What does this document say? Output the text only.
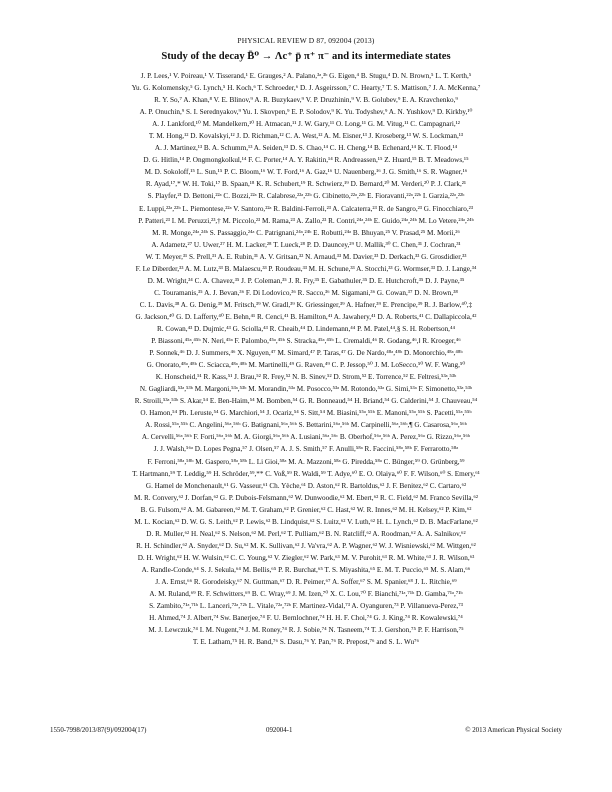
PHYSICAL REVIEW D 87, 092004 (2013)
Study of the decay B̄⁰ → Λc⁺ p̄ π⁺ π⁻ and its intermediate states
J. P. Lees,¹ V. Poireau,¹ V. Tisserand,¹ E. Grauges,² A. Palano,³ᵃ,³ᵇ G. Eigen,⁴ B. Stugu,⁴ D. N. Brown,⁵ L. T. Kerth,⁵
Yu. G. Kolomensky,⁵ G. Lynch,⁵ H. Koch,⁶ T. Schroeder,⁶ D. J. Asgeirsson,⁷ C. Hearty,⁷ T. S. Mattison,⁷ J. A. McKenna,⁷
R. Y. So,⁷ A. Khan,⁸ V. E. Blinov,⁹ A. R. Buzykaev,⁹ V. P. Druzhinin,⁹ V. B. Golubev,⁹ E. A. Kravchenko,⁹
A. P. Onuchin,⁹ S. I. Serednyakov,⁹ Yu. I. Skovpen,⁹ E. P. Solodov,⁹ K. Yu. Todyshev,⁹ A. N. Yushkov,⁹ D. Kirkby,¹⁰
A. J. Lankford,¹⁰ M. Mandelkern,¹⁰ H. Atmacan,¹¹ J. W. Gary,¹¹ O. Long,¹¹ G. M. Vitug,¹¹ C. Campagnari,¹²
T. M. Hong,¹² D. Kovalskyi,¹² J. D. Richman,¹² C. A. West,¹² A. M. Eisner,¹³ J. Kroseberg,¹³ W. S. Lockman,¹³
A. J. Martinez,¹³ B. A. Schumm,¹³ A. Seiden,¹³ D. S. Chao,¹⁴ C. H. Cheng,¹⁴ B. Echenard,¹⁴ K. T. Flood,¹⁴
D. G. Hitlin,¹⁴ P. Ongmongkolkul,¹⁴ F. C. Porter,¹⁴ A. Y. Rakitin,¹⁴ R. Andreassen,¹⁵ Z. Huard,¹⁵ B. T. Meadows,¹⁵
M. D. Sokoloff,¹⁵ L. Sun,¹⁵ P. C. Bloom,¹⁶ W. T. Ford,¹⁶ A. Gaz,¹⁶ U. Nauenberg,¹⁶ J. G. Smith,¹⁶ S. R. Wagner,¹⁶
R. Ayad,¹⁷,* W. H. Toki,¹⁷ B. Spaan,¹⁸ K. R. Schubert,¹⁹ R. Schwierz,¹⁹ D. Bernard,²⁰ M. Verderi,²⁰ P. J. Clark,²¹
S. Playfer,²¹ D. Bettoni,²²ᵃ C. Bozzi,²²ᵃ R. Calabrese,²²ᵃ,²²ᵇ G. Cibinetto,²²ᵃ,²²ᵇ E. Fioravanti,²²ᵃ,²²ᵇ I. Garzia,²²ᵃ,²²ᵇ
E. Luppi,²²ᵃ,²²ᵇ L. Piemontese,²²ᵃ V. Santoro,²²ᵃ R. Baldini-Ferroli,²³ A. Calcaterra,²³ R. de Sangro,²³ G. Finocchiaro,²³
P. Patteri,²³ I. M. Peruzzi,²³,† M. Piccolo,²³ M. Rama,²³ A. Zallo,²³ R. Contri,²⁴ᵃ,²⁴ᵇ E. Guido,²⁴ᵃ,²⁴ᵇ M. Lo Vetere,²⁴ᵃ,²⁴ᵇ
M. R. Monge,²⁴ᵃ,²⁴ᵇ S. Passaggio,²⁴ᵃ C. Patrignani,²⁴ᵃ,²⁴ᵇ E. Robutti,²⁴ᵃ B. Bhuyan,²⁵ V. Prasad,²⁵ M. Morii,²⁶
A. Adametz,²⁷ U. Uwer,²⁷ H. M. Lacker,²⁸ T. Lueck,²⁸ P. D. Dauncey,²⁹ U. Mallik,³⁰ C. Chen,³¹ J. Cochran,³¹
W. T. Meyer,³¹ S. Prell,³¹ A. E. Rubin,³¹ A. V. Gritsan,³² N. Arnaud,³³ M. Davier,³³ D. Derkach,³³ G. Grosdidier,³³
F. Le Diberder,³³ A. M. Lutz,³³ B. Malaescu,³³ P. Roudeau,³³ M. H. Schune,³³ A. Stocchi,³³ G. Wormser,³³ D. J. Lange,³⁴
D. M. Wright,³⁴ C. A. Chavez,³⁵ J. P. Coleman,³⁵ J. R. Fry,³⁵ E. Gabathuler,³⁵ D. E. Hutchcroft,³⁵ D. J. Payne,³⁵
C. Touramanis,³⁵ A. J. Bevan,³⁶ F. Di Lodovico,³⁶ R. Sacco,³⁶ M. Sigamani,³⁶ G. Cowan,³⁷ D. N. Brown,³⁸
C. L. Davis,³⁸ A. G. Denig,³⁹ M. Fritsch,³⁹ W. Gradl,³⁹ K. Griessinger,³⁹ A. Hafner,³⁹ E. Prencipe,³⁹ R. J. Barlow,⁴⁰,‡
G. Jackson,⁴⁰ G. D. Lafferty,⁴⁰ E. Behn,⁴¹ R. Cenci,⁴¹ B. Hamilton,⁴¹ A. Jawahery,⁴¹ D. A. Roberts,⁴¹ C. Dallapiccola,⁴²
R. Cowan,⁴³ D. Dujmic,⁴³ G. Sciolla,⁴³ R. Cheaib,⁴⁴ D. Lindemann,⁴⁴ P. M. Patel,⁴⁴,§ S. H. Robertson,⁴⁴
P. Biassoni,⁴⁵ᵃ,⁴⁵ᵇ N. Neri,⁴⁵ᵃ F. Palombo,⁴⁵ᵃ,⁴⁵ᵇ S. Stracka,⁴⁵ᵃ,⁴⁵ᵇ L. Cremaldi,⁴⁶ R. Godang,⁴⁶,‖ R. Kroeger,⁴⁶
P. Sonnek,⁴⁶ D. J. Summers,⁴⁶ X. Nguyen,⁴⁷ M. Simard,⁴⁷ P. Taras,⁴⁷ G. De Nardo,⁴⁸ᵃ,⁴⁸ᵇ D. Monorchio,⁴⁸ᵃ,⁴⁸ᵇ
G. Onorato,⁴⁸ᵃ,⁴⁸ᵇ C. Sciacca,⁴⁸ᵃ,⁴⁸ᵇ M. Martinelli,⁴⁹ G. Raven,⁴⁹ C. P. Jessop,⁵⁰ J. M. LoSecco,⁵⁰ W. F. Wang,⁵⁰
K. Honscheid,⁵¹ R. Kass,⁵¹ J. Brau,⁵² R. Frey,⁵² N. B. Sinev,⁵² D. Strom,⁵² E. Torrence,⁵² E. Feltresi,⁵³ᵃ,⁵³ᵇ
N. Gagliardi,⁵³ᵃ,⁵³ᵇ M. Margoni,⁵³ᵃ,⁵³ᵇ M. Morandin,⁵³ᵃ M. Posocco,⁵³ᵃ M. Rotondo,⁵³ᵃ G. Simi,⁵³ᵃ F. Simonetto,⁵³ᵃ,⁵³ᵇ
R. Stroili,⁵³ᵃ,⁵³ᵇ S. Akar,⁵⁴ E. Ben-Haim,⁵⁴ M. Bomben,⁵⁴ G. R. Bonneaud,⁵⁴ H. Briand,⁵⁴ G. Calderini,⁵⁴ J. Chauveau,⁵⁴
O. Hamon,⁵⁴ Ph. Leruste,⁵⁴ G. Marchiori,⁵⁴ J. Ocariz,⁵⁴ S. Sitt,⁵⁴ M. Biasini,⁵⁵ᵃ,⁵⁵ᵇ E. Manoni,⁵⁵ᵃ,⁵⁵ᵇ S. Pacetti,⁵⁵ᵃ,⁵⁵ᵇ
A. Rossi,⁵⁵ᵃ,⁵⁵ᵇ C. Angelini,⁵⁶ᵃ,⁵⁶ᵇ G. Batignani,⁵⁶ᵃ,⁵⁶ᵇ S. Bettarini,⁵⁶ᵃ,⁵⁶ᵇ M. Carpinelli,⁵⁶ᵃ,⁵⁶ᵇ,¶ G. Casarosa,⁵⁶ᵃ,⁵⁶ᵇ
A. Cervelli,⁵⁶ᵃ,⁵⁶ᵇ F. Forti,⁵⁶ᵃ,⁵⁶ᵇ M. A. Giorgi,⁵⁶ᵃ,⁵⁶ᵇ A. Lusiani,⁵⁶ᵃ,⁵⁶ᶜ B. Oberhof,⁵⁶ᵃ,⁵⁶ᵇ A. Perez,⁵⁶ᵃ G. Rizzo,⁵⁶ᵃ,⁵⁶ᵇ
J. J. Walsh,⁵⁶ᵃ D. Lopes Pegna,⁵⁷ J. Olsen,⁵⁷ A. J. S. Smith,⁵⁷ F. Anulli,⁵⁸ᵃ R. Faccini,⁵⁸ᵃ,⁵⁸ᵇ F. Ferrarotto,⁵⁸ᵃ
F. Ferroni,⁵⁸ᵃ,⁵⁸ᵇ M. Gaspero,⁵⁸ᵃ,⁵⁸ᵇ L. Li Gioi,⁵⁸ᵃ M. A. Mazzoni,⁵⁸ᵃ G. Piredda,⁵⁸ᵃ C. Bünger,⁵⁹ O. Grünberg,⁵⁹
T. Hartmann,⁵⁹ T. Leddig,⁵⁹ H. Schröder,⁵⁹,** C. Voß,⁵⁹ R. Waldi,⁵⁹ T. Adye,⁶⁰ E. O. Olaiya,⁶⁰ F. F. Wilson,⁶⁰ S. Emery,⁶¹
G. Hamel de Monchenault,⁶¹ G. Vasseur,⁶¹ Ch. Yèche,⁶¹ D. Aston,⁶² R. Bartoldus,⁶² J. F. Benitez,⁶² C. Cartaro,⁶²
M. R. Convery,⁶² J. Dorfan,⁶² G. P. Dubois-Felsmann,⁶² W. Dunwoodie,⁶² M. Ebert,⁶² R. C. Field,⁶² M. Franco Sevilla,⁶²
B. G. Fulsom,⁶² A. M. Gabareen,⁶² M. T. Graham,⁶² P. Grenier,⁶² C. Hast,⁶² W. R. Innes,⁶² M. H. Kelsey,⁶² P. Kim,⁶²
M. L. Kocian,⁶² D. W. G. S. Leith,⁶² P. Lewis,⁶² B. Lindquist,⁶² S. Luitz,⁶² V. Luth,⁶² H. L. Lynch,⁶² D. B. MacFarlane,⁶²
D. R. Muller,⁶² H. Neal,⁶² S. Nelson,⁶² M. Perl,⁶² T. Pulliam,⁶² B. N. Ratcliff,⁶² A. Roodman,⁶² A. A. Salnikov,⁶²
R. H. Schindler,⁶² A. Snyder,⁶² D. Su,⁶² M. K. Sullivan,⁶² J. Va'vra,⁶² A. P. Wagner,⁶² W. J. Wisniewski,⁶² M. Wittgen,⁶²
D. H. Wright,⁶² H. W. Wulsin,⁶² C. C. Young,⁶² V. Ziegler,⁶² W. Park,⁶³ M. V. Purohit,⁶³ R. M. White,⁶³ J. R. Wilson,⁶³
A. Randle-Conde,⁶⁴ S. J. Sekula,⁶⁴ M. Bellis,⁶⁵ P. R. Burchat,⁶⁵ T. S. Miyashita,⁶⁵ E. M. T. Puccio,⁶⁵ M. S. Alam,⁶⁶
J. A. Ernst,⁶⁶ R. Gorodeisky,⁶⁷ N. Guttman,⁶⁷ D. R. Peimer,⁶⁷ A. Soffer,⁶⁷ S. M. Spanier,⁶⁸ J. L. Ritchie,⁶⁹
A. M. Ruland,⁶⁹ R. F. Schwitters,⁶⁹ B. C. Wray,⁶⁹ J. M. Izen,⁷⁰ X. C. Lou,⁷⁰ F. Bianchi,⁷¹ᵃ,⁷¹ᵇ D. Gamba,⁷¹ᵃ,⁷¹ᵇ
S. Zambito,⁷¹ᵃ,⁷¹ᵇ L. Lanceri,⁷²ᵃ,⁷²ᵇ L. Vitale,⁷²ᵃ,⁷²ᵇ F. Martinez-Vidal,⁷³ A. Oyanguren,⁷³ P. Villanueva-Perez,⁷³
H. Ahmed,⁷⁴ J. Albert,⁷⁴ Sw. Banerjee,⁷⁴ F. U. Bernlochner,⁷⁴ H. H. F. Choi,⁷⁴ G. J. King,⁷⁴ R. Kowalewski,⁷⁴
M. J. Lewczuk,⁷⁴ I. M. Nugent,⁷⁴ J. M. Roney,⁷⁴ R. J. Sobie,⁷⁴ N. Tasneem,⁷⁴ T. J. Gershon,⁷⁵ P. F. Harrison,⁷⁵
T. E. Latham,⁷⁵ H. R. Band,⁷⁶ S. Dasu,⁷⁶ Y. Pan,⁷⁶ R. Prepost,⁷⁶ and S. L. Wu⁷⁶
1550-7998/2013/87(9)/092004(17)	092004-1	© 2013 American Physical Society
